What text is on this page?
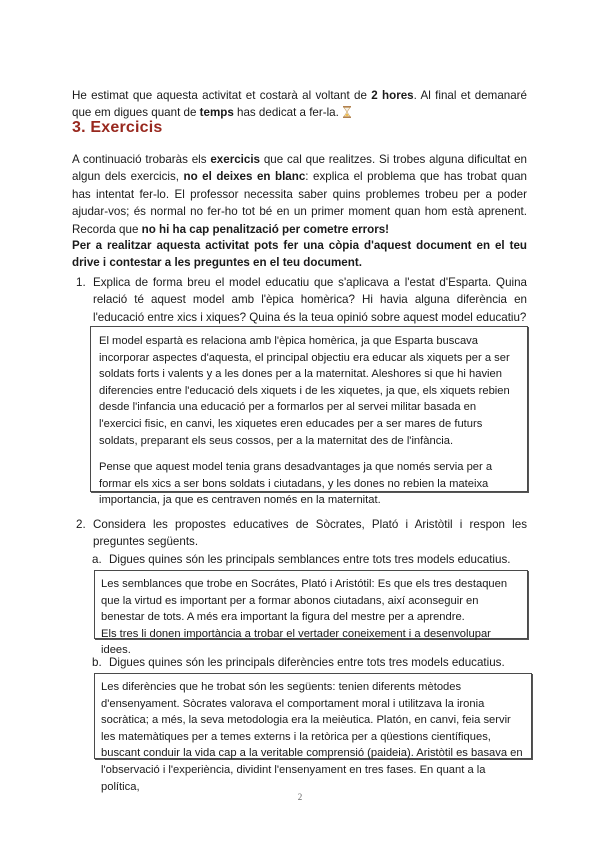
He estimat que aquesta activitat et costarà al voltant de 2 hores. Al final et demanaré que em digues quant de temps has dedicat a fer-la.
3. Exercicis
A continuació trobaràs els exercicis que cal que realitzes. Si trobes alguna dificultat en algun dels exercicis, no el deixes en blanc: explica el problema que has trobat quan has intentat fer-lo. El professor necessita saber quins problemes trobeu per a poder ajudar-vos; és normal no fer-ho tot bé en un primer moment quan hom està aprenent. Recorda que no hi ha cap penalització per cometre errors!
Per a realitzar aquesta activitat pots fer una còpia d'aquest document en el teu drive i contestar a les preguntes en el teu document.
1. Explica de forma breu el model educatiu que s'aplicava a l'estat d'Esparta. Quina relació té aquest model amb l'èpica homèrica? Hi havia alguna diferència en l'educació entre xics i xiques? Quina és la teua opinió sobre aquest model educatiu?

El model espartà es relaciona amb l'èpica homèrica, ja que Esparta buscava incorporar aspectes d'aquesta, el principal objectiu era educar als xiquets per a ser soldats forts i valents y a les dones per a la maternitat. Aleshores si que hi havien diferencies entre l'educació dels xiquets i de les xiquetes, ja que, els xiquets rebien desde l'infancia una educació per a formarlos per al servei militar basada en l'exercici fisic, en canvi, les xiquetes eren educades per a ser mares de futurs soldats, preparant els seus cossos, per a la maternitat des de l'infància.

Pense que aquest model tenia grans desadvantages ja que només servia per a formar els xics a ser bons soldats i ciutadans, y les dones no rebien la mateixa importancia, ja que es centraven només en la maternitat.

2. Considera les propostes educatives de Sòcrates, Plató i Aristòtil i respon les preguntes següents.
a. Digues quines són les principals semblances entre tots tres models educatius.
Les semblances que trobe en Socrátes, Plató i Aristótil: Es que els tres destaquen que la virtud es important per a formar abonos ciutadans, així aconseguir en benestar de tots. A més era important la figura del mestre per a aprendre.
Els tres li donen importància a trobar el vertader coneixement i a desenvolupar idees.
b. Digues quines són les principals diferències entre tots tres models educatius.
Les diferències que he trobat són les següents: tenien diferents mètodes d'ensenyament. Sòcrates valorava el comportament moral i utilitzava la ironia socràtica; a més, la seva metodologia era la meièutica. Platón, en canvi, feia servir les matemàtiques per a temes externs i la retòrica per a qüestions científiques, buscant conduir la vida cap a la veritable comprensió (paideia). Aristòtil es basava en l'observació i l'experiència, dividint l'ensenyament en tres fases. En quant a la política,
2
